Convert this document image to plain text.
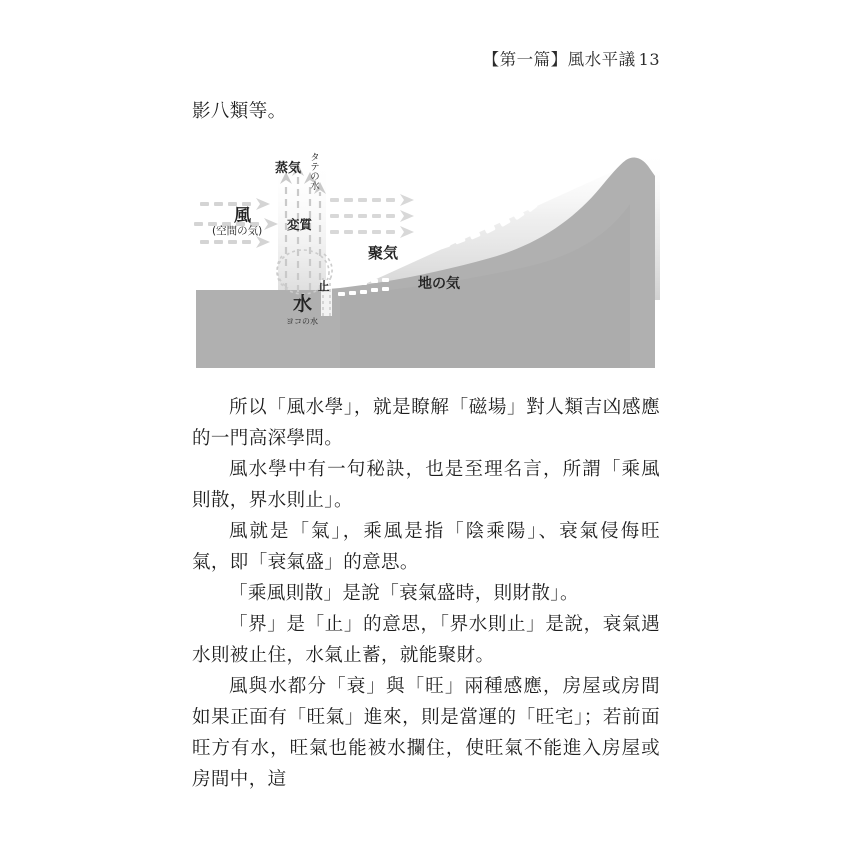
【第一篇】風水平議 13

影八類等。

風
(空間の気)
蒸気 タテの水
変質
聚気
止
水
ヨコの水
地の気

所以「風水學」，就是瞭解「磁場」對人類吉凶感應的一門高深學問。

風水學中有一句秘訣，也是至理名言，所謂「乘風則散，界水則止」。

風就是「氣」，乘風是指「陰乘陽」、衰氣侵侮旺氣，即「衰氣盛」的意思。

「乘風則散」是說「衰氣盛時，則財散」。

「界」是「止」的意思，「界水則止」是說，衰氣遇水則被止住，水氣止蓄，就能聚財。

風與水都分「衰」與「旺」兩種感應，房屋或房間如果正面有「旺氣」進來，則是當運的「旺宅」；若前面旺方有水，旺氣也能被水攔住，使旺氣不能進入房屋或房間中，這
